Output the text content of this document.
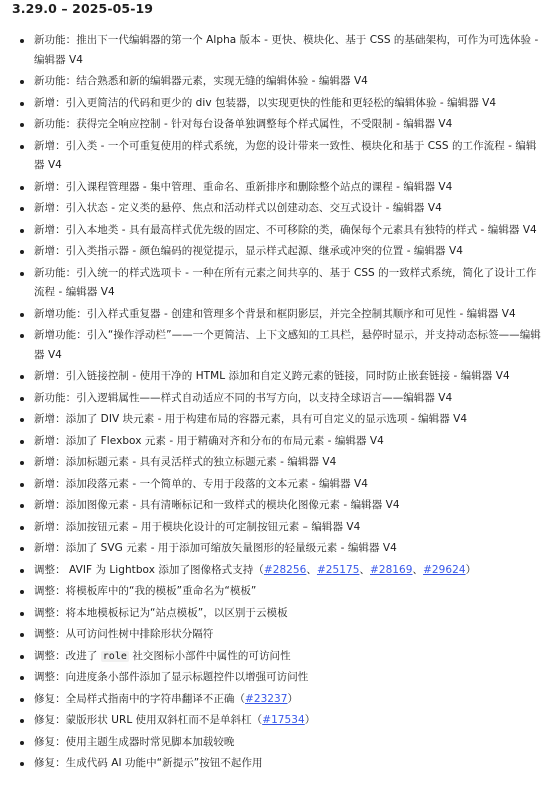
3.29.0 – 2025-05-19
新功能：推出下一代编辑器的第一个 Alpha 版本 - 更快、模块化、基于 CSS 的基础架构，可作为可选体验 - 编辑器 V4
新功能：结合熟悉和新的编辑器元素，实现无缝的编辑体验 - 编辑器 V4
新增：引入更简洁的代码和更少的 div 包装器，以实现更快的性能和更轻松的编辑体验 - 编辑器 V4
新功能：获得完全响应控制 - 针对每台设备单独调整每个样式属性，不受限制 - 编辑器 V4
新增：引入类 - 一个可重复使用的样式系统，为您的设计带来一致性、模块化和基于 CSS 的工作流程 - 编辑器 V4
新增：引入课程管理器 - 集中管理、重命名、重新排序和删除整个站点的课程 - 编辑器 V4
新增：引入状态 - 定义类的悬停、焦点和活动样式以创建动态、交互式设计 - 编辑器 V4
新增：引入本地类 - 具有最高样式优先级的固定、不可移除的类，确保每个元素具有独特的样式 - 编辑器 V4
新增：引入类指示器 - 颜色编码的视觉提示，显示样式起源、继承或冲突的位置 - 编辑器 V4
新功能：引入统一的样式选项卡 - 一种在所有元素之间共享的、基于 CSS 的一致样式系统，简化了设计工作流程 - 编辑器 V4
新增功能：引入样式重复器 - 创建和管理多个背景和框阴影层，并完全控制其顺序和可见性 - 编辑器 V4
新增功能：引入“操作浮动栏”——一个更简洁、上下文感知的工具栏，悬停时显示，并支持动态标签——编辑器 V4
新增：引入链接控制 - 使用干净的 HTML 添加和自定义跨元素的链接，同时防止嵌套链接 - 编辑器 V4
新功能：引入逻辑属性——样式自动适应不同的书写方向，以支持全球语言——编辑器 V4
新增：添加了 DIV 块元素 - 用于构建布局的容器元素，具有可自定义的显示选项 - 编辑器 V4
新增：添加了 Flexbox 元素 - 用于精确对齐和分布的布局元素 - 编辑器 V4
新增：添加标题元素 - 具有灵活样式的独立标题元素 - 编辑器 V4
新增：添加段落元素 - 一个简单的、专用于段落的文本元素 - 编辑器 V4
新增：添加图像元素 - 具有清晰标记和一致样式的模块化图像元素 - 编辑器 V4
新增：添加按钮元素 – 用于模块化设计的可定制按钮元素 – 编辑器 V4
新增：添加了 SVG 元素 - 用于添加可缩放矢量图形的轻量级元素 - 编辑器 V4
调整： AVIF 为 Lightbox 添加了图像格式支持（#28256、#25175、#28169、#29624）
调整：将模板库中的“我的模板”重命名为“模板”
调整：将本地模板标记为“站点模板”，以区别于云模板
调整：从可访问性树中排除形状分隔符
调整：改进了 role 社交图标小部件中属性的可访问性
调整：向进度条小部件添加了显示标题控件以增强可访问性
修复：全局样式指南中的字符串翻译不正确（#23237）
修复：蒙版形状 URL 使用双斜杠而不是单斜杠（#17534）
修复：使用主题生成器时常见脚本加载较晚
修复：生成代码 AI 功能中“新提示”按钮不起作用
